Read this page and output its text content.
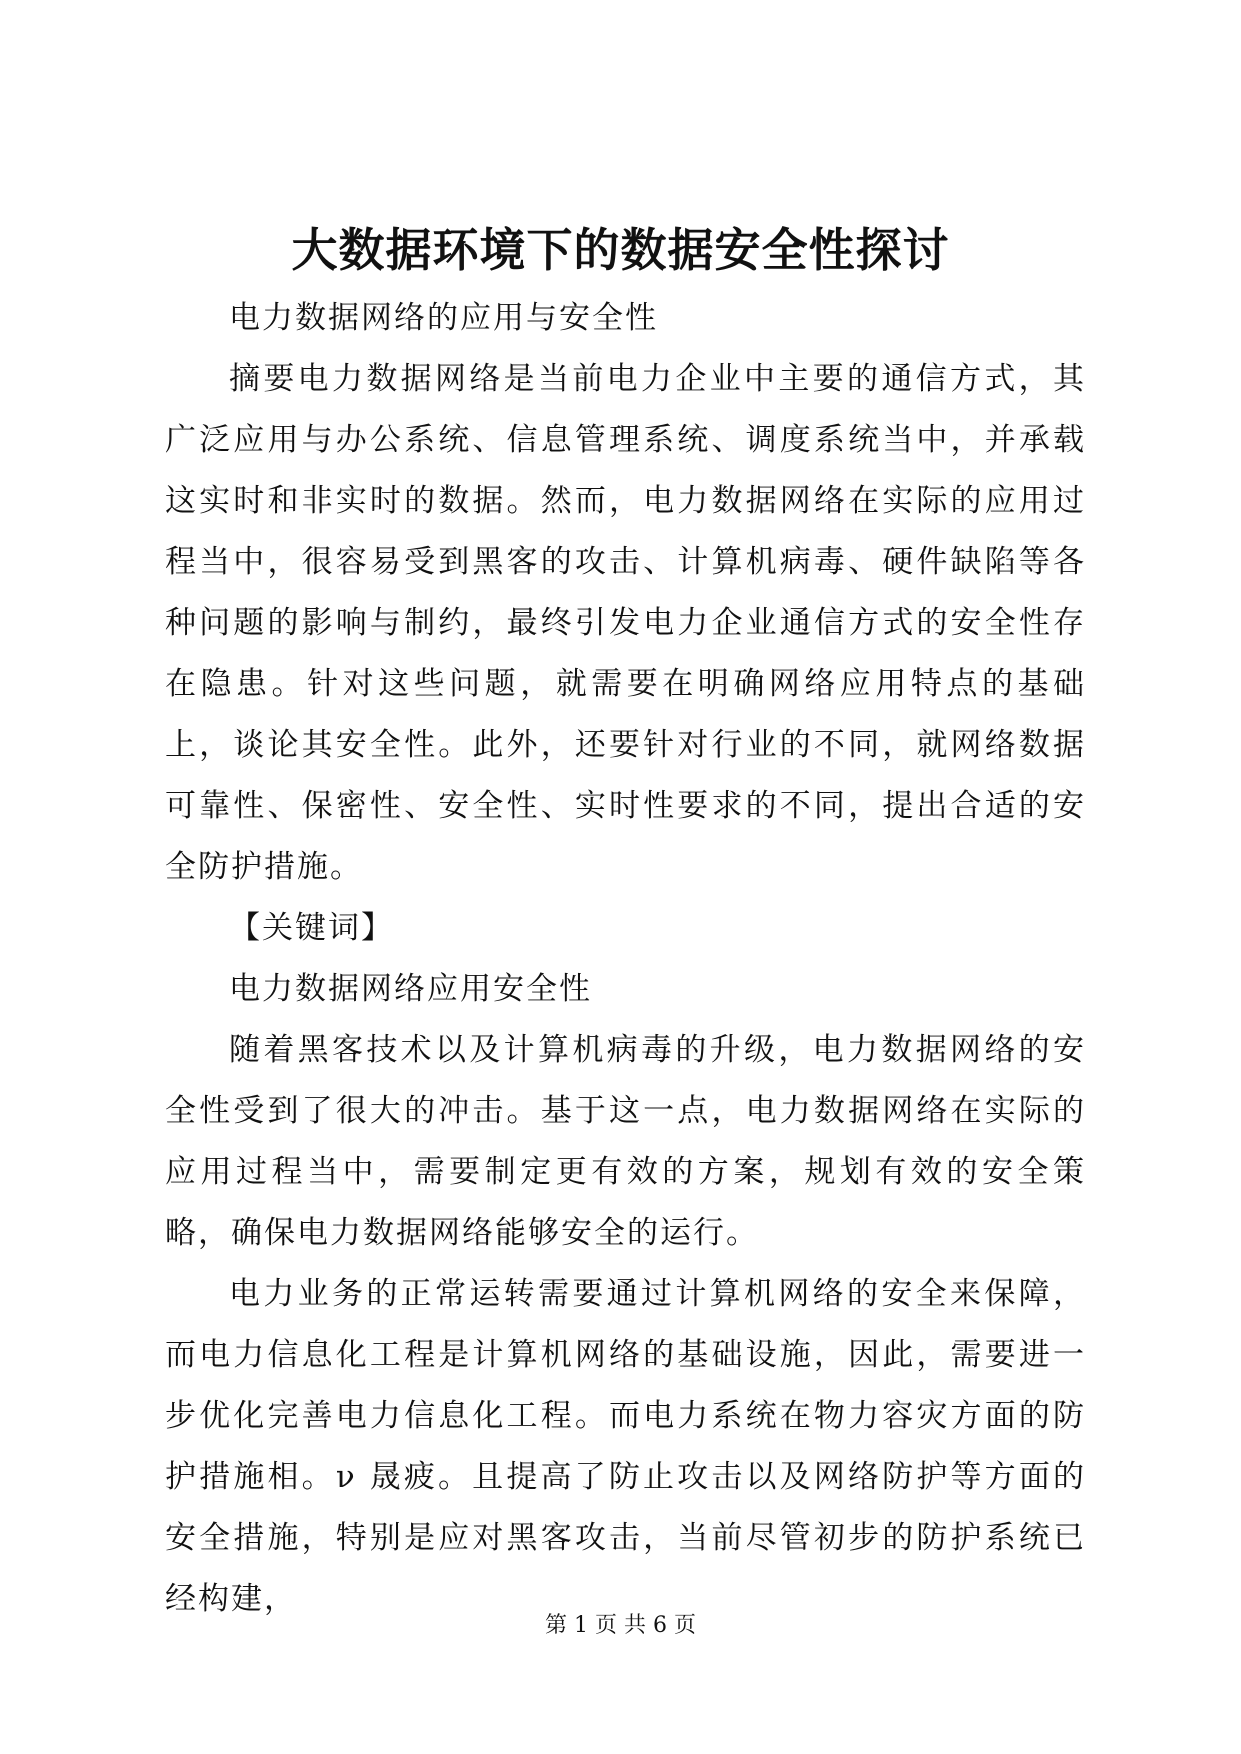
大数据环境下的数据安全性探讨

电力数据网络的应用与安全性

摘要电力数据网络是当前电力企业中主要的通信方式，其广泛应用与办公系统、信息管理系统、调度系统当中，并承载这实时和非实时的数据。然而，电力数据网络在实际的应用过程当中，很容易受到黑客的攻击、计算机病毒、硬件缺陷等各种问题的影响与制约，最终引发电力企业通信方式的安全性存在隐患。针对这些问题，就需要在明确网络应用特点的基础上，谈论其安全性。此外，还要针对行业的不同，就网络数据可靠性、保密性、安全性、实时性要求的不同，提出合适的安全防护措施。

【关键词】

电力数据网络应用安全性

随着黑客技术以及计算机病毒的升级，电力数据网络的安全性受到了很大的冲击。基于这一点，电力数据网络在实际的应用过程当中，需要制定更有效的方案，规划有效的安全策略，确保电力数据网络能够安全的运行。

电力业务的正常运转需要通过计算机网络的安全来保障，而电力信息化工程是计算机网络的基础设施，因此，需要进一步优化完善电力信息化工程。而电力系统在物力容灾方面的防护措施相。ν 晟疲。且提高了防止攻击以及网络防护等方面的安全措施，特别是应对黑客攻击，当前尽管初步的防护系统已经构建，

第 1 页 共 6 页
